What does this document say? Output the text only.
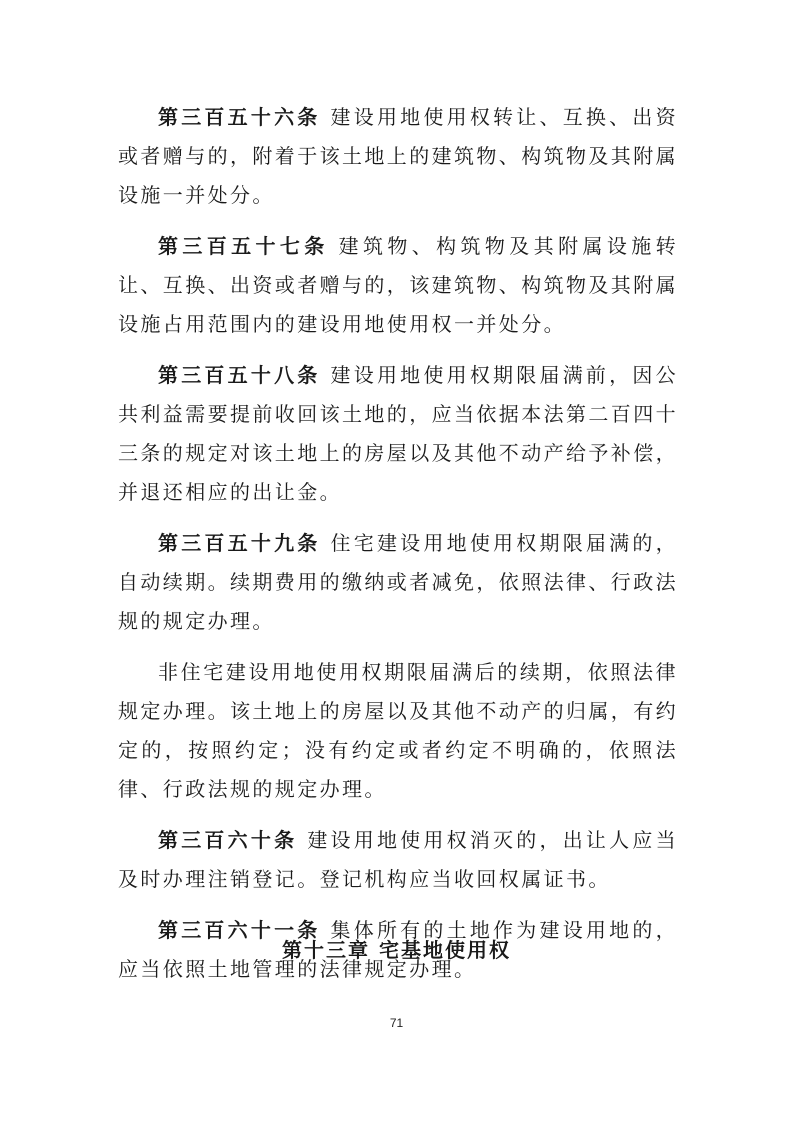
第三百五十六条 建设用地使用权转让、互换、出资或者赠与的，附着于该土地上的建筑物、构筑物及其附属设施一并处分。

第三百五十七条 建筑物、构筑物及其附属设施转让、互换、出资或者赠与的，该建筑物、构筑物及其附属设施占用范围内的建设用地使用权一并处分。

第三百五十八条 建设用地使用权期限届满前，因公共利益需要提前收回该土地的，应当依据本法第二百四十三条的规定对该土地上的房屋以及其他不动产给予补偿，并退还相应的出让金。

第三百五十九条 住宅建设用地使用权期限届满的，自动续期。续期费用的缴纳或者减免，依照法律、行政法规的规定办理。

非住宅建设用地使用权期限届满后的续期，依照法律规定办理。该土地上的房屋以及其他不动产的归属，有约定的，按照约定；没有约定或者约定不明确的，依照法律、行政法规的规定办理。

第三百六十条 建设用地使用权消灭的，出让人应当及时办理注销登记。登记机构应当收回权属证书。

第三百六十一条 集体所有的土地作为建设用地的，应当依照土地管理的法律规定办理。

第十三章 宅基地使用权
71
